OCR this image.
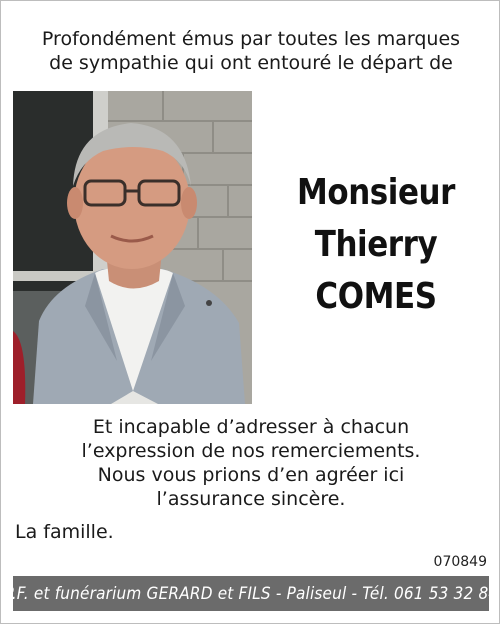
Profondément émus par toutes les marques
de sympathie qui ont entouré le départ de
Monsieur
Thierry
COMES
Et incapable d’adresser à chacun
l’expression de nos remerciements.
Nous vous prions d’en agréer ici
l’assurance sincère.
La famille.
070849
P.F. et funérarium GERARD et FILS - Paliseul - Tél. 061 53 32 84
